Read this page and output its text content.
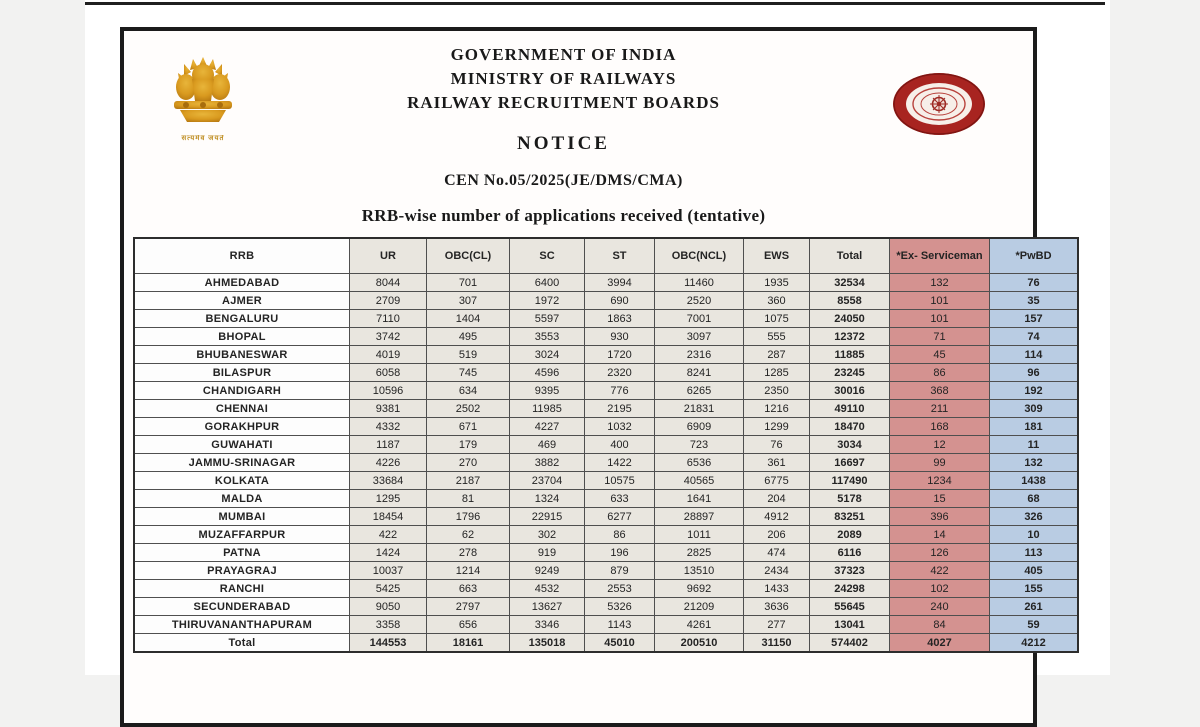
सत्यमेव जयते
GOVERNMENT OF INDIA
MINISTRY OF RAILWAYS
RAILWAY RECRUITMENT BOARDS
NOTICE
CEN No.05/2025(JE/DMS/CMA)
RRB-wise number of applications received (tentative)
RRB	UR	OBC(CL)	SC	ST	OBC(NCL)	EWS	Total	*Ex- Serviceman	*PwBD
AHMEDABAD	8044	701	6400	3994	11460	1935	32534	132	76
AJMER	2709	307	1972	690	2520	360	8558	101	35
BENGALURU	7110	1404	5597	1863	7001	1075	24050	101	157
BHOPAL	3742	495	3553	930	3097	555	12372	71	74
BHUBANESWAR	4019	519	3024	1720	2316	287	11885	45	114
BILASPUR	6058	745	4596	2320	8241	1285	23245	86	96
CHANDIGARH	10596	634	9395	776	6265	2350	30016	368	192
CHENNAI	9381	2502	11985	2195	21831	1216	49110	211	309
GORAKHPUR	4332	671	4227	1032	6909	1299	18470	168	181
GUWAHATI	1187	179	469	400	723	76	3034	12	11
JAMMU-SRINAGAR	4226	270	3882	1422	6536	361	16697	99	132
KOLKATA	33684	2187	23704	10575	40565	6775	117490	1234	1438
MALDA	1295	81	1324	633	1641	204	5178	15	68
MUMBAI	18454	1796	22915	6277	28897	4912	83251	396	326
MUZAFFARPUR	422	62	302	86	1011	206	2089	14	10
PATNA	1424	278	919	196	2825	474	6116	126	113
PRAYAGRAJ	10037	1214	9249	879	13510	2434	37323	422	405
RANCHI	5425	663	4532	2553	9692	1433	24298	102	155
SECUNDERABAD	9050	2797	13627	5326	21209	3636	55645	240	261
THIRUVANANTHAPURAM	3358	656	3346	1143	4261	277	13041	84	59
Total	144553	18161	135018	45010	200510	31150	574402	4027	4212
